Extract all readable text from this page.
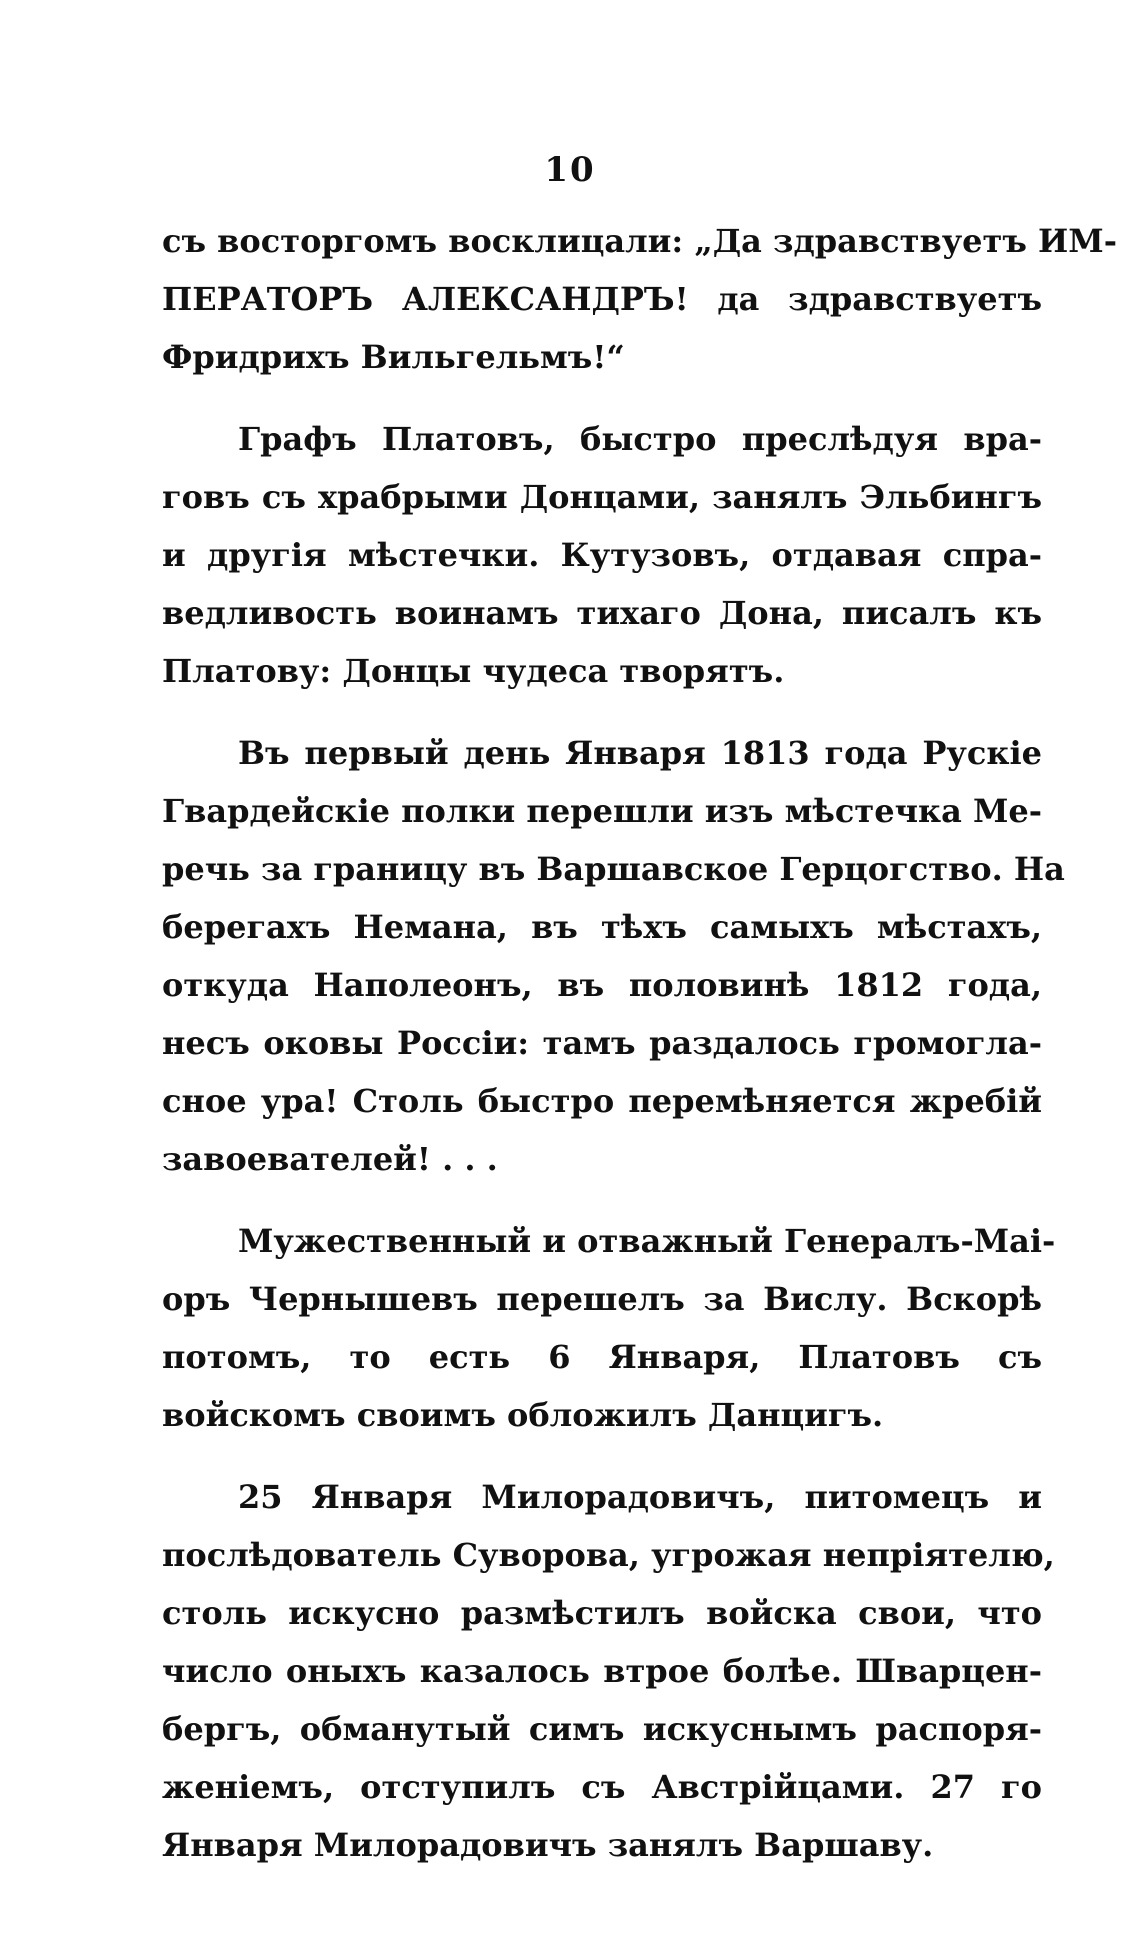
10
съ восторгомъ восклицали: „Да здравствуетъ ИМ-
ПЕРАТОРЪ АЛЕКСАНДРЪ! да здравствуетъ
Фридрихъ Вильгельмъ!“
Графъ Платовъ, быстро преслѣдуя вра-
говъ съ храбрыми Донцами, занялъ Эльбингъ
и другія мѣстечки. Кутузовъ, отдавая спра-
ведливость воинамъ тихаго Дона, писалъ къ
Платову: Донцы чудеса творятъ.
Въ первый день Января 1813 года Рускіе
Гвардейскіе полки перешли изъ мѣстечка Ме-
речь за границу въ Варшавское Герцогство. На
берегахъ Немана, въ тѣхъ самыхъ мѣстахъ,
откуда Наполеонъ, въ половинѣ 1812 года,
несъ оковы Россіи: тамъ раздалось громогла-
сное ура! Столь быстро перемѣняется жребій
завоевателей! . . .
Мужественный и отважный Генералъ-Маі-
оръ Чернышевъ перешелъ за Вислу. Вскорѣ
потомъ, то есть 6 Января, Платовъ съ
войскомъ своимъ обложилъ Данцигъ.
25 Января Милорадовичъ, питомецъ и
послѣдователь Суворова, угрожая непріятелю,
столь искусно размѣстилъ войска свои, что
число оныхъ казалось втрое болѣе. Шварцен-
бергъ, обманутый симъ искуснымъ распоря-
женіемъ, отступилъ съ Австрійцами. 27 го
Января Милорадовичъ занялъ Варшаву.
